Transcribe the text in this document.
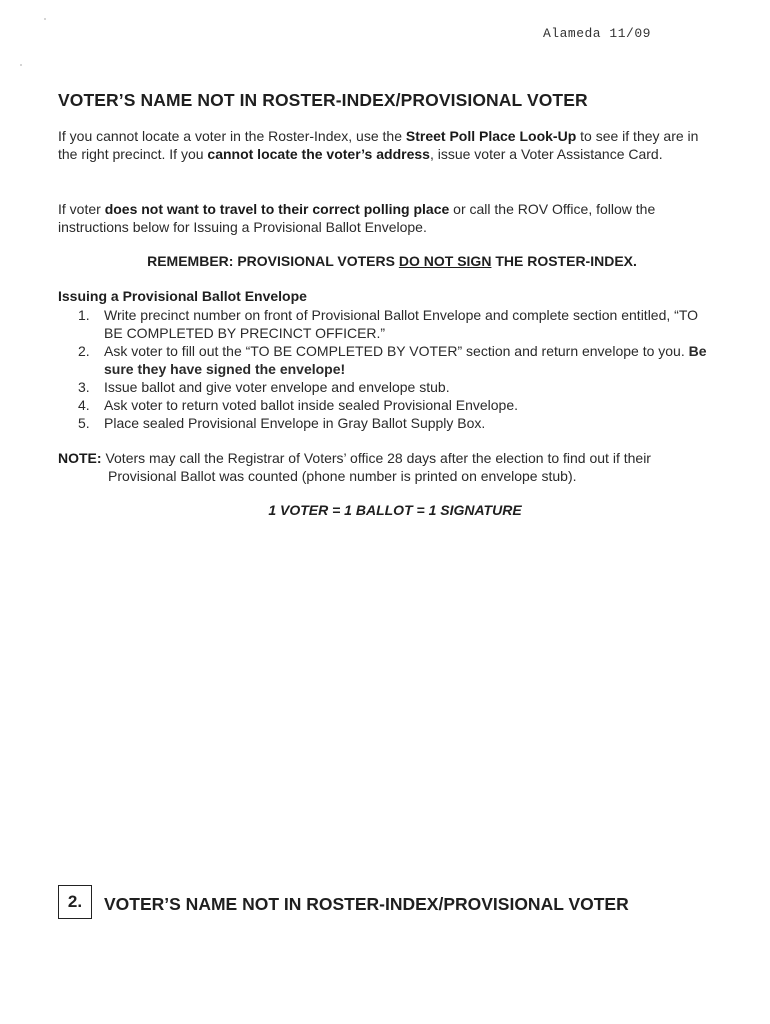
Alameda 11/09
VOTER’S NAME NOT IN ROSTER-INDEX/PROVISIONAL VOTER

If you cannot locate a voter in the Roster-Index, use the Street Poll Place Look-Up to see if they are in the right precinct. If you cannot locate the voter’s address, issue voter a Voter Assistance Card.

If voter does not want to travel to their correct polling place or call the ROV Office, follow the instructions below for Issuing a Provisional Ballot Envelope.

REMEMBER: PROVISIONAL VOTERS DO NOT SIGN THE ROSTER-INDEX.
Issuing a Provisional Ballot Envelope
1. Write precinct number on front of Provisional Ballot Envelope and complete section entitled, “TO BE COMPLETED BY PRECINCT OFFICER.”
2. Ask voter to fill out the “TO BE COMPLETED BY VOTER” section and return envelope to you. Be sure they have signed the envelope!
3. Issue ballot and give voter envelope and envelope stub.
4. Ask voter to return voted ballot inside sealed Provisional Envelope.
5. Place sealed Provisional Envelope in Gray Ballot Supply Box.
NOTE: Voters may call the Registrar of Voters’ office 28 days after the election to find out if their
Provisional Ballot was counted (phone number is printed on envelope stub).
1 VOTER = 1 BALLOT = 1 SIGNATURE
2.	VOTER’S NAME NOT IN ROSTER-INDEX/PROVISIONAL VOTER
